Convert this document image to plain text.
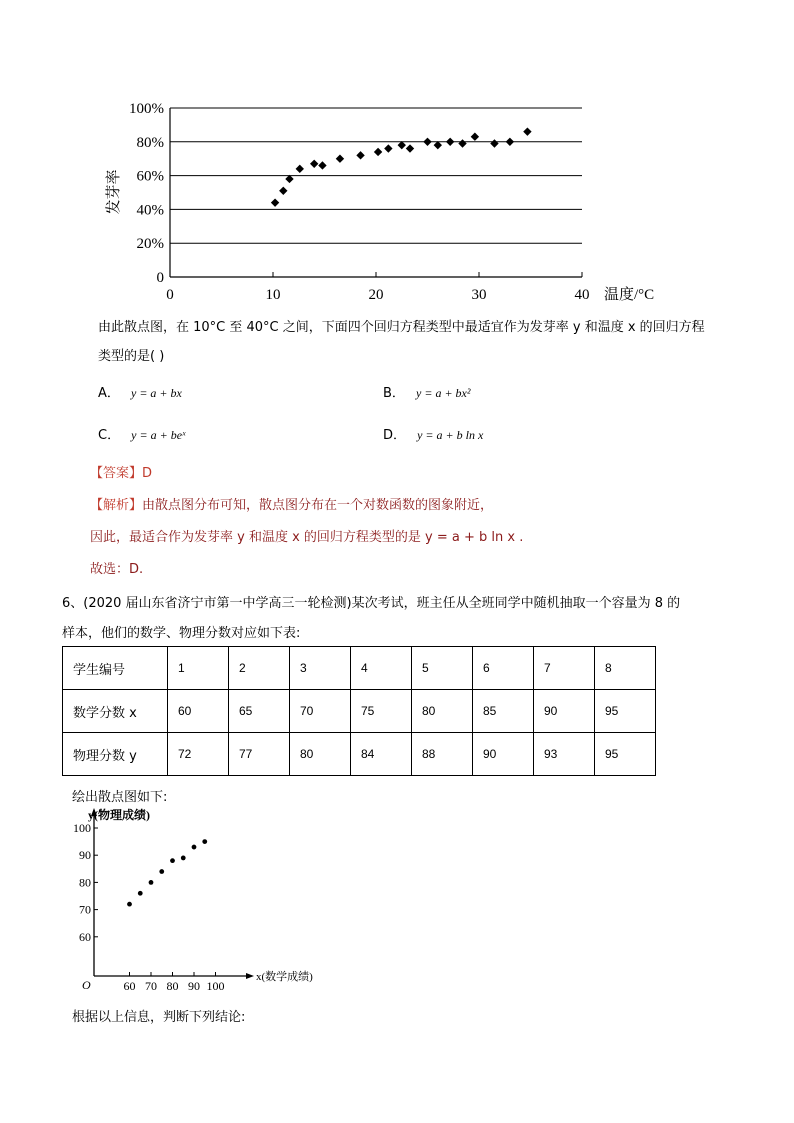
0
20%
40%
60%
80%
100%
0	10	20	30	40 温度/°C
发芽率
由此散点图，在 10°C 至 40°C 之间，下面四个回归方程类型中最适宜作为发芽率 y 和温度 x 的回归方程
类型的是( )
A． y = a + bx	B． y = a + bx²
C． y = a + beˣ	D． y = a + b ln x
【答案】D
【解析】由散点图分布可知，散点图分布在一个对数函数的图象附近，
因此，最适合作为发芽率 y 和温度 x 的回归方程类型的是 y = a + b ln x .
故选：D.
6、(2020 届山东省济宁市第一中学高三一轮检测)某次考试，班主任从全班同学中随机抽取一个容量为 8 的
样本，他们的数学、物理分数对应如下表:
学生编号	1	2	3	4	5	6	7	8
数学分数 x	60	65	70	75	80	85	90	95
物理分数 y	72	77	80	84	88	90	93	95
绘出散点图如下:
O
60
70
80
90
100
60 70 80 90 100
x(数学成绩)
y(物理成绩)
根据以上信息，判断下列结论:
